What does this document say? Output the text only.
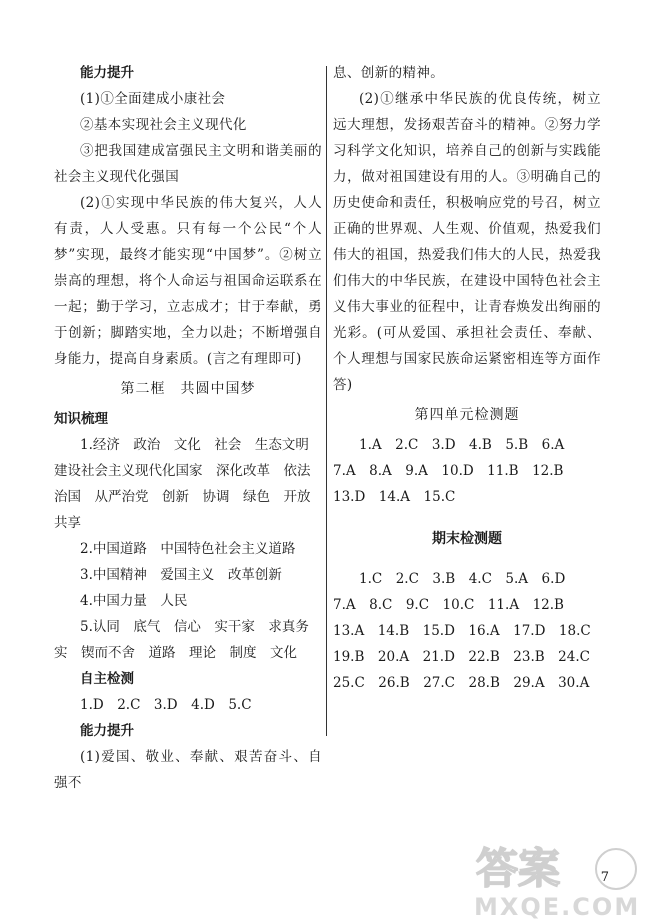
能力提升

(1)①全面建成小康社会

②基本实现社会主义现代化

③把我国建成富强民主文明和谐美丽的社会主义现代化强国

(2)①实现中华民族的伟大复兴，人人有责，人人受惠。只有每一个公民“个人梦”实现，最终才能实现“中国梦”。②树立崇高的理想，将个人命运与祖国命运联系在一起；勤于学习，立志成才；甘于奉献，勇于创新；脚踏实地，全力以赴；不断增强自身能力，提高自身素质。(言之有理即可)

第二框　共圆中国梦

知识梳理

1.经济　政治　文化　社会　生态文明　建设社会主义现代化国家　深化改革　依法治国　从严治党　创新　协调　绿色　开放　共享

2.中国道路　中国特色社会主义道路

3.中国精神　爱国主义　改革创新

4.中国力量　人民

5.认同　底气　信心　实干家　求真务实　锲而不舍　道路　理论　制度　文化

自主检测

1.D　2.C　3.D　4.D　5.C

能力提升

(1)爱国、敬业、奉献、艰苦奋斗、自强不

息、创新的精神。

(2)①继承中华民族的优良传统，树立远大理想，发扬艰苦奋斗的精神。②努力学习科学文化知识，培养自己的创新与实践能力，做对祖国建设有用的人。③明确自己的历史使命和责任，积极响应党的号召，树立正确的世界观、人生观、价值观，热爱我们伟大的祖国，热爱我们伟大的人民，热爱我们伟大的中华民族，在建设中国特色社会主义伟大事业的征程中，让青春焕发出绚丽的光彩。(可从爱国、承担社会责任、奉献、个人理想与国家民族命运紧密相连等方面作答)

第四单元检测题

1.A　2.C　3.D　4.B　5.B　6.A

7.A　8.A　9.A　10.D　11.B　12.B

13.D　14.A　15.C

期末检测题

1.C　2.C　3.B　4.C　5.A　6.D

7.A　8.C　9.C　10.C　11.A　12.B

13.A　14.B　15.D　16.A　17.D　18.C

19.B　20.A　21.D　22.B　23.B　24.C

25.C　26.B　27.C　28.B　29.A　30.A

7
答案
MXQE.COM
